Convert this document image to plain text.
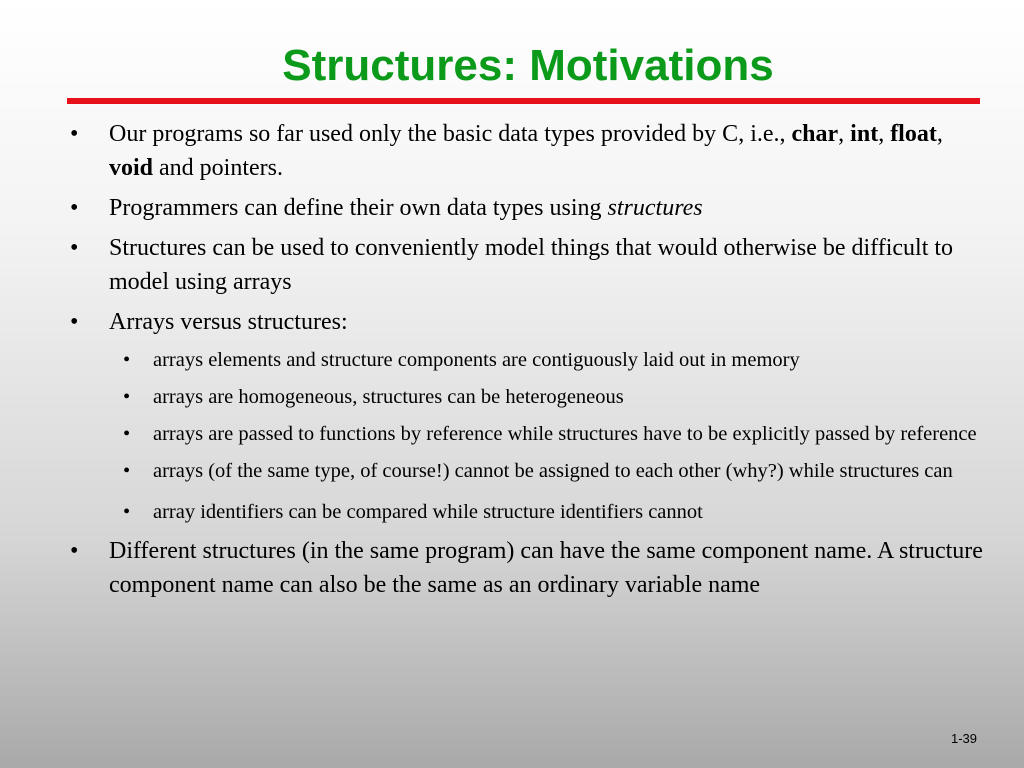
Structures: Motivations
• Our programs so far used only the basic data types provided by C, i.e., char, int, float, void and pointers.
• Programmers can define their own data types using structures
• Structures can be used to conveniently model things that would otherwise be difficult to model using arrays
• Arrays versus structures:
• arrays elements and structure components are contiguously laid out in memory
• arrays are homogeneous, structures can be heterogeneous
• arrays are passed to functions by reference while structures have to be explicitly passed by reference
• arrays (of the same type, of course!) cannot be assigned to each other (why?) while structures can
• array identifiers can be compared while structure identifiers cannot
• Different structures (in the same program) can have the same component name. A structure component name can also be the same as an ordinary variable name
1-39
